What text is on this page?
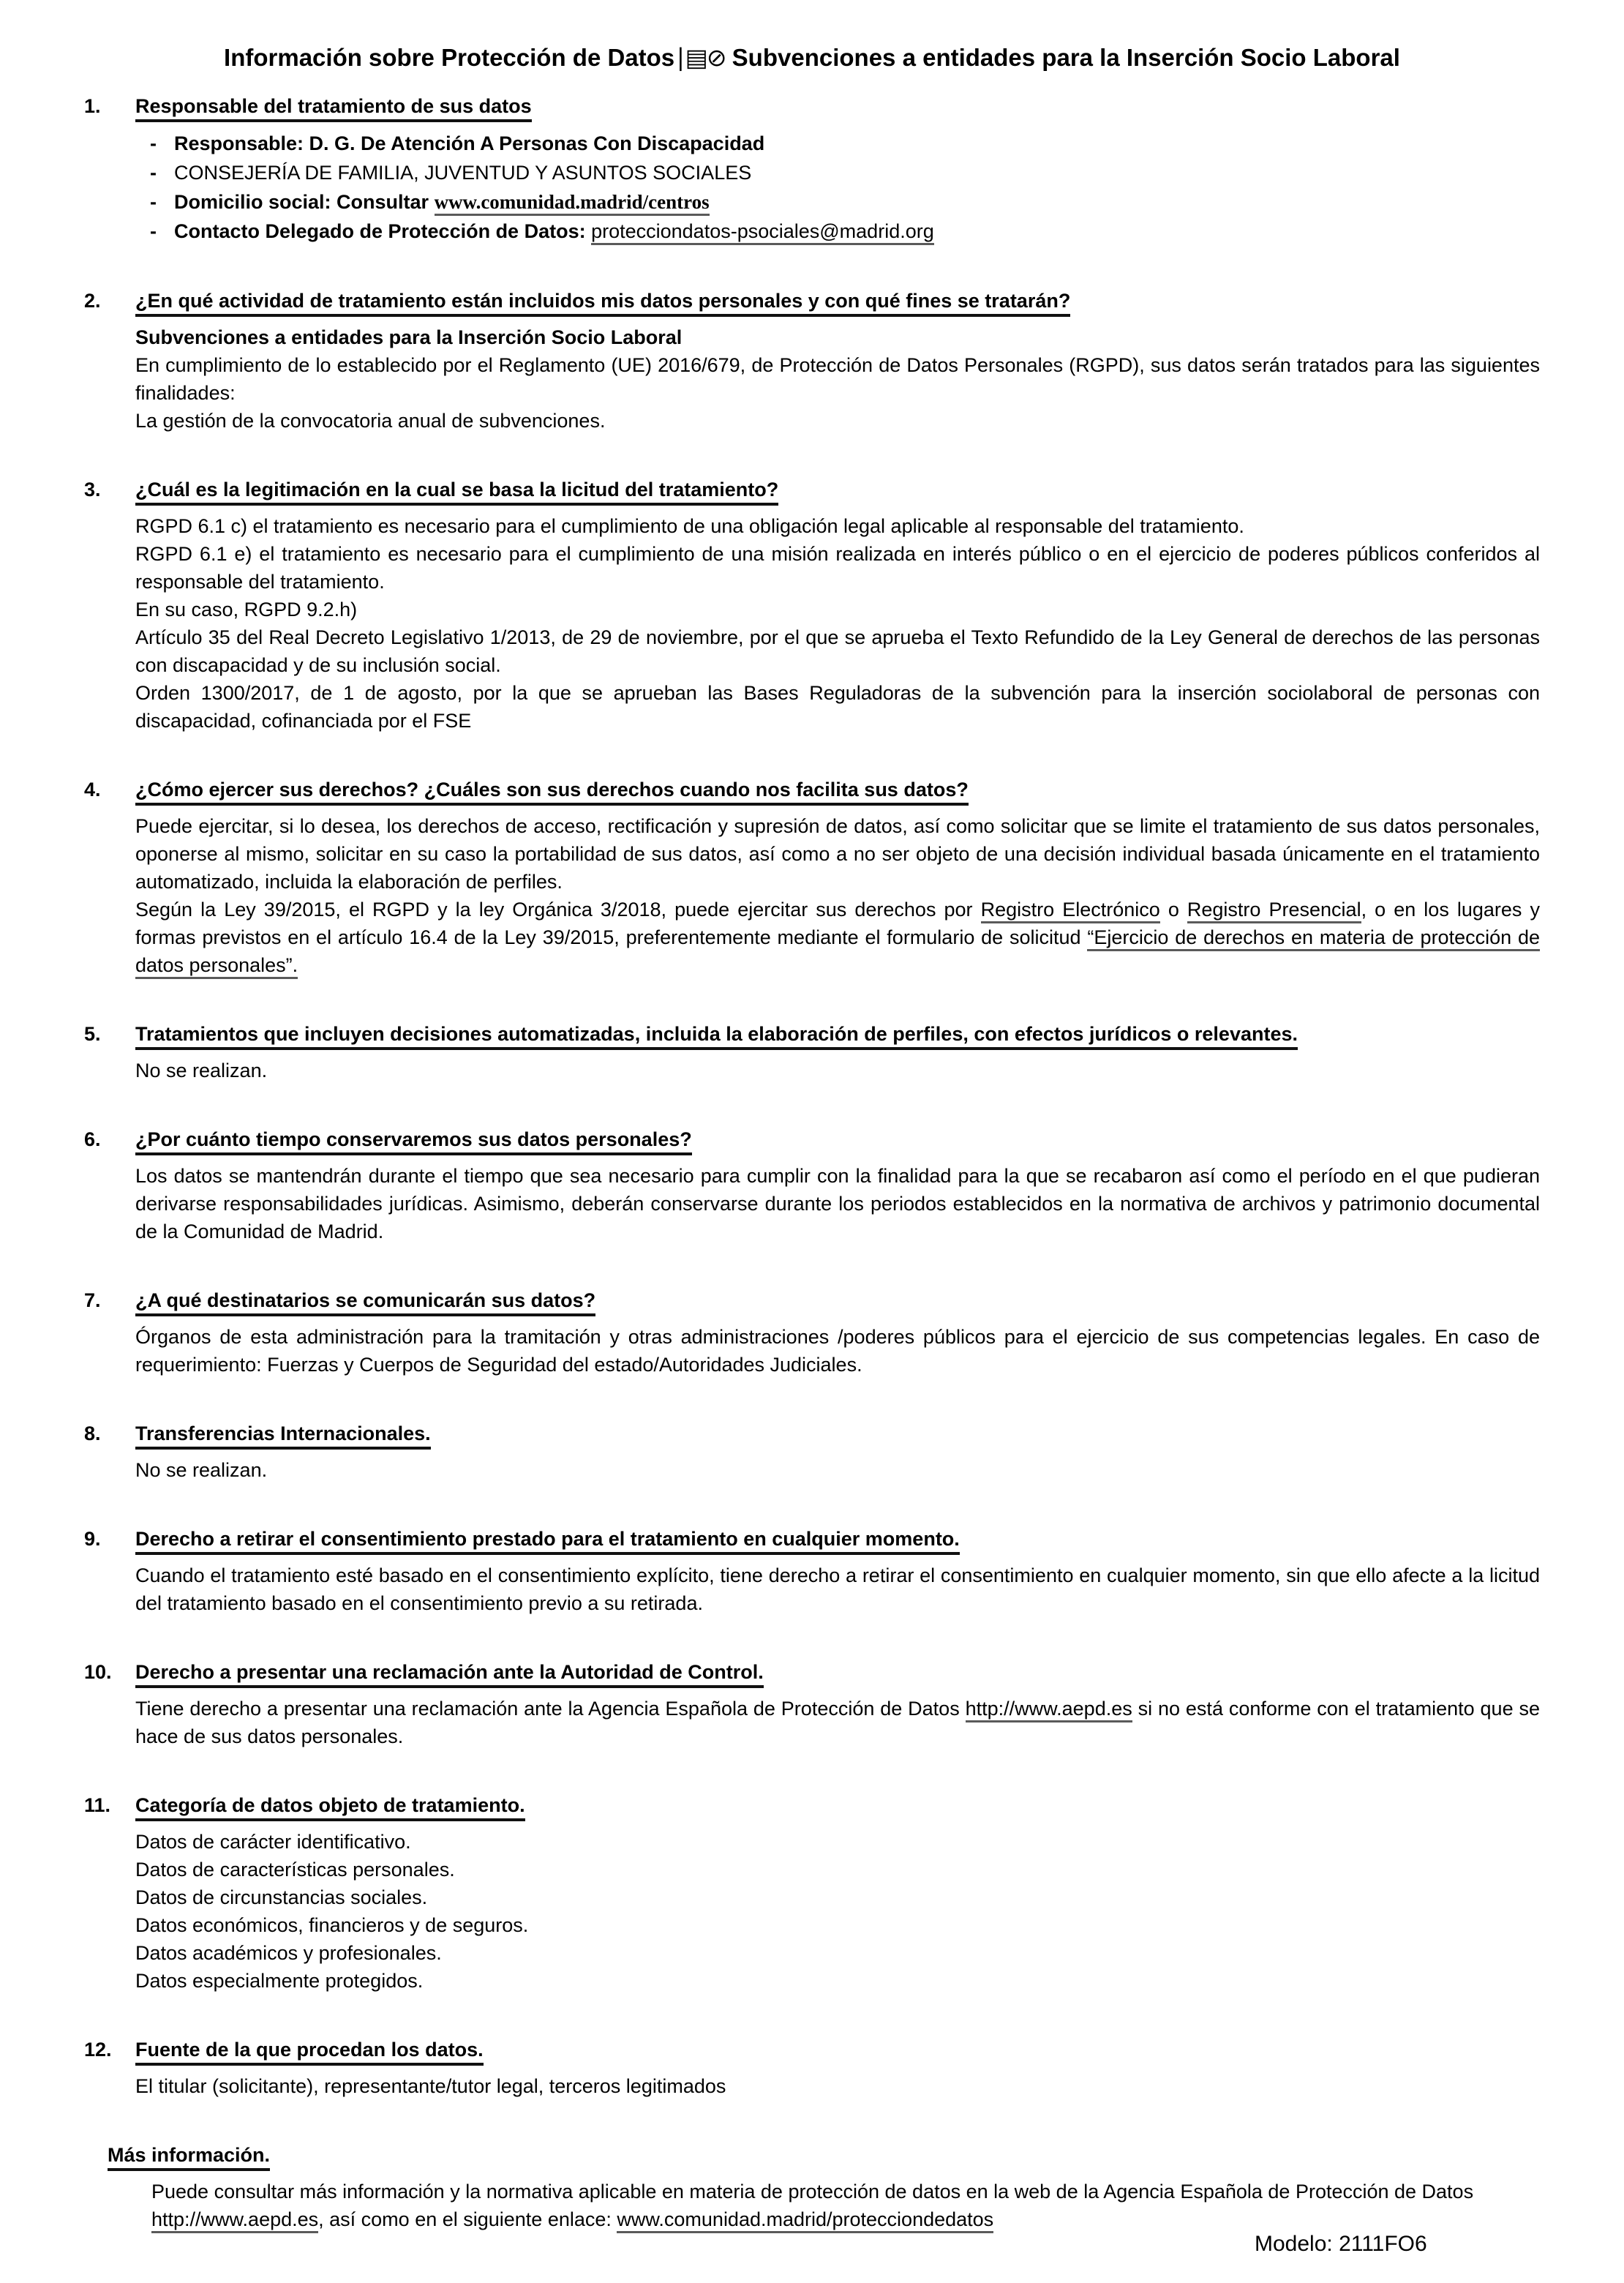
Información sobre Protección de Datos∣▤⊘ Subvenciones a entidades para la Inserción Socio Laboral
1.	Responsable del tratamiento de sus datos
- Responsable: D. G. De Atención A Personas Con Discapacidad
- CONSEJERÍA DE FAMILIA, JUVENTUD Y ASUNTOS SOCIALES
- Domicilio social: Consultar www.comunidad.madrid/centros
- Contacto Delegado de Protección de Datos: protecciondatos-psociales@madrid.org
2.	¿En qué actividad de tratamiento están incluidos mis datos personales y con qué fines se tratarán?
Subvenciones a entidades para la Inserción Socio Laboral
En cumplimiento de lo establecido por el Reglamento (UE) 2016/679, de Protección de Datos Personales (RGPD), sus datos serán tratados para las siguientes finalidades:
La gestión de la convocatoria anual de subvenciones.
3.	¿Cuál es la legitimación en la cual se basa la licitud del tratamiento?
RGPD 6.1 c) el tratamiento es necesario para el cumplimiento de una obligación legal aplicable al responsable del tratamiento.
RGPD 6.1 e) el tratamiento es necesario para el cumplimiento de una misión realizada en interés público o en el ejercicio de poderes públicos conferidos al responsable del tratamiento.
En su caso, RGPD 9.2.h)
Artículo 35 del Real Decreto Legislativo 1/2013, de 29 de noviembre, por el que se aprueba el Texto Refundido de la Ley General de derechos de las personas con discapacidad y de su inclusión social.
Orden 1300/2017, de 1 de agosto, por la que se aprueban las Bases Reguladoras de la subvención para la inserción sociolaboral de personas con discapacidad, cofinanciada por el FSE
4.	¿Cómo ejercer sus derechos? ¿Cuáles son sus derechos cuando nos facilita sus datos?
Puede ejercitar, si lo desea, los derechos de acceso, rectificación y supresión de datos, así como solicitar que se limite el tratamiento de sus datos personales, oponerse al mismo, solicitar en su caso la portabilidad de sus datos, así como a no ser objeto de una decisión individual basada únicamente en el tratamiento automatizado, incluida la elaboración de perfiles.
Según la Ley 39/2015, el RGPD y la ley Orgánica 3/2018, puede ejercitar sus derechos por Registro Electrónico o Registro Presencial, o en los lugares y formas previstos en el artículo 16.4 de la Ley 39/2015, preferentemente mediante el formulario de solicitud “Ejercicio de derechos en materia de protección de datos personales”.
5.	Tratamientos que incluyen decisiones automatizadas, incluida la elaboración de perfiles, con efectos jurídicos o relevantes.
No se realizan.
6.	¿Por cuánto tiempo conservaremos sus datos personales?
Los datos se mantendrán durante el tiempo que sea necesario para cumplir con la finalidad para la que se recabaron así como el período en el que pudieran derivarse responsabilidades jurídicas. Asimismo, deberán conservarse durante los periodos establecidos en la normativa de archivos y patrimonio documental de la Comunidad de Madrid.
7.	¿A qué destinatarios se comunicarán sus datos?
Órganos de esta administración para la tramitación y otras administraciones /poderes públicos para el ejercicio de sus competencias legales. En caso de requerimiento: Fuerzas y Cuerpos de Seguridad del estado/Autoridades Judiciales.
8.	Transferencias Internacionales.
No se realizan.
9.	Derecho a retirar el consentimiento prestado para el tratamiento en cualquier momento.
Cuando el tratamiento esté basado en el consentimiento explícito, tiene derecho a retirar el consentimiento en cualquier momento, sin que ello afecte a la licitud del tratamiento basado en el consentimiento previo a su retirada.
10.	Derecho a presentar una reclamación ante la Autoridad de Control.
Tiene derecho a presentar una reclamación ante la Agencia Española de Protección de Datos http://www.aepd.es si no está conforme con el tratamiento que se hace de sus datos personales.
11.	Categoría de datos objeto de tratamiento.
Datos de carácter identificativo.
Datos de características personales.
Datos de circunstancias sociales.
Datos económicos, financieros y de seguros.
Datos académicos y profesionales.
Datos especialmente protegidos.
12.	Fuente de la que procedan los datos.
El titular (solicitante), representante/tutor legal, terceros legitimados
Más información.
Puede consultar más información y la normativa aplicable en materia de protección de datos en la web de la Agencia Española de Protección de Datos http://www.aepd.es, así como en el siguiente enlace: www.comunidad.madrid/protecciondedatos
Modelo: 2111FO6
